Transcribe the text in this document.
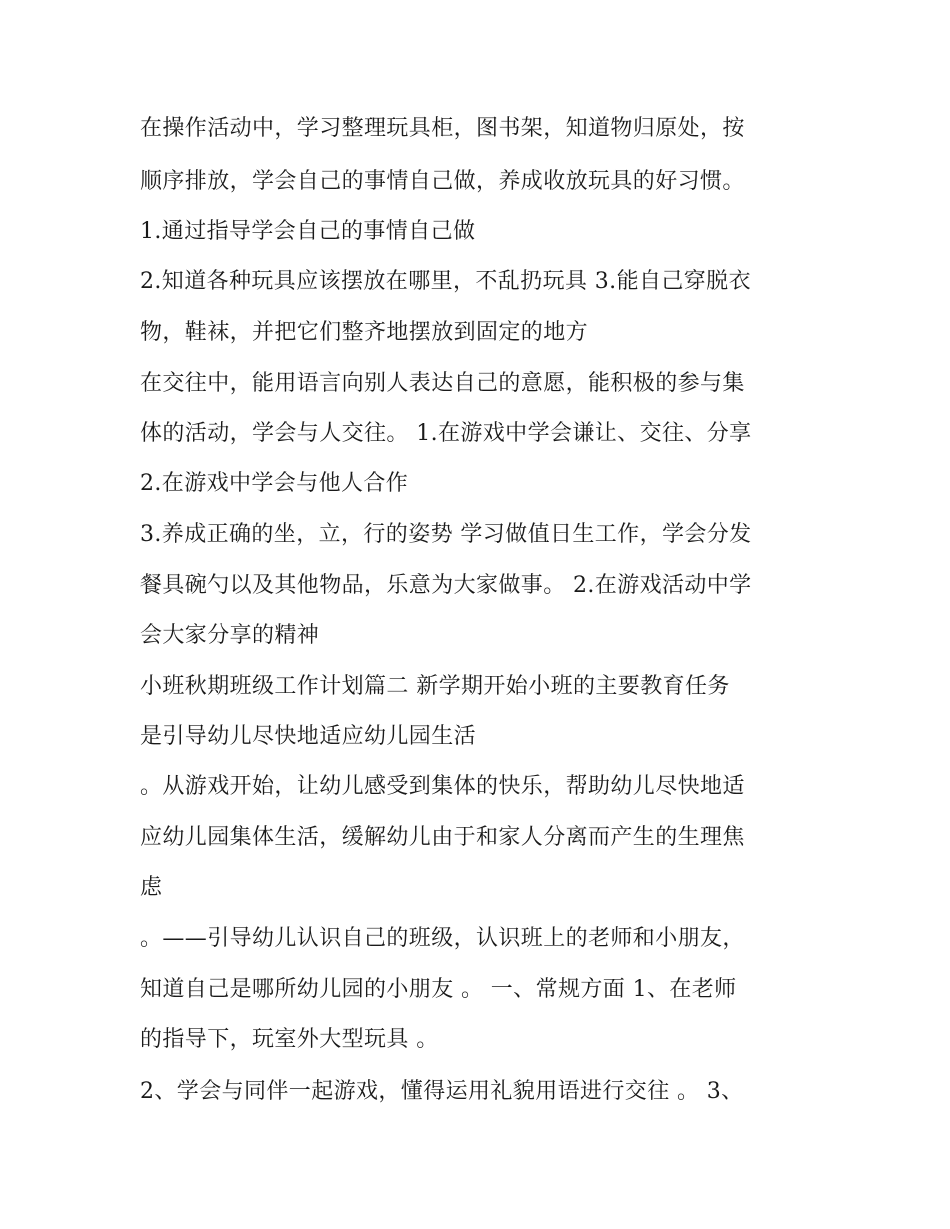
在操作活动中，学习整理玩具柜，图书架，知道物归原处，按
顺序排放，学会自己的事情自己做，养成收放玩具的好习惯。
1.通过指导学会自己的事情自己做
2.知道各种玩具应该摆放在哪里，不乱扔玩具 3.能自己穿脱衣
物，鞋袜，并把它们整齐地摆放到固定的地方
在交往中，能用语言向别人表达自己的意愿，能积极的参与集
体的活动，学会与人交往。 1.在游戏中学会谦让、交往、分享
2.在游戏中学会与他人合作
3.养成正确的坐，立，行的姿势 学习做值日生工作，学会分发
餐具碗勺以及其他物品，乐意为大家做事。 2.在游戏活动中学
会大家分享的精神
小班秋期班级工作计划篇二 新学期开始小班的主要教育任务
是引导幼儿尽快地适应幼儿园生活
。从游戏开始，让幼儿感受到集体的快乐，帮助幼儿尽快地适
应幼儿园集体生活，缓解幼儿由于和家人分离而产生的生理焦
虑
。——引导幼儿认识自己的班级，认识班上的老师和小朋友，
知道自己是哪所幼儿园的小朋友 。 一、常规方面 1、在老师
的指导下，玩室外大型玩具 。
2、学会与同伴一起游戏，懂得运用礼貌用语进行交往 。 3、
